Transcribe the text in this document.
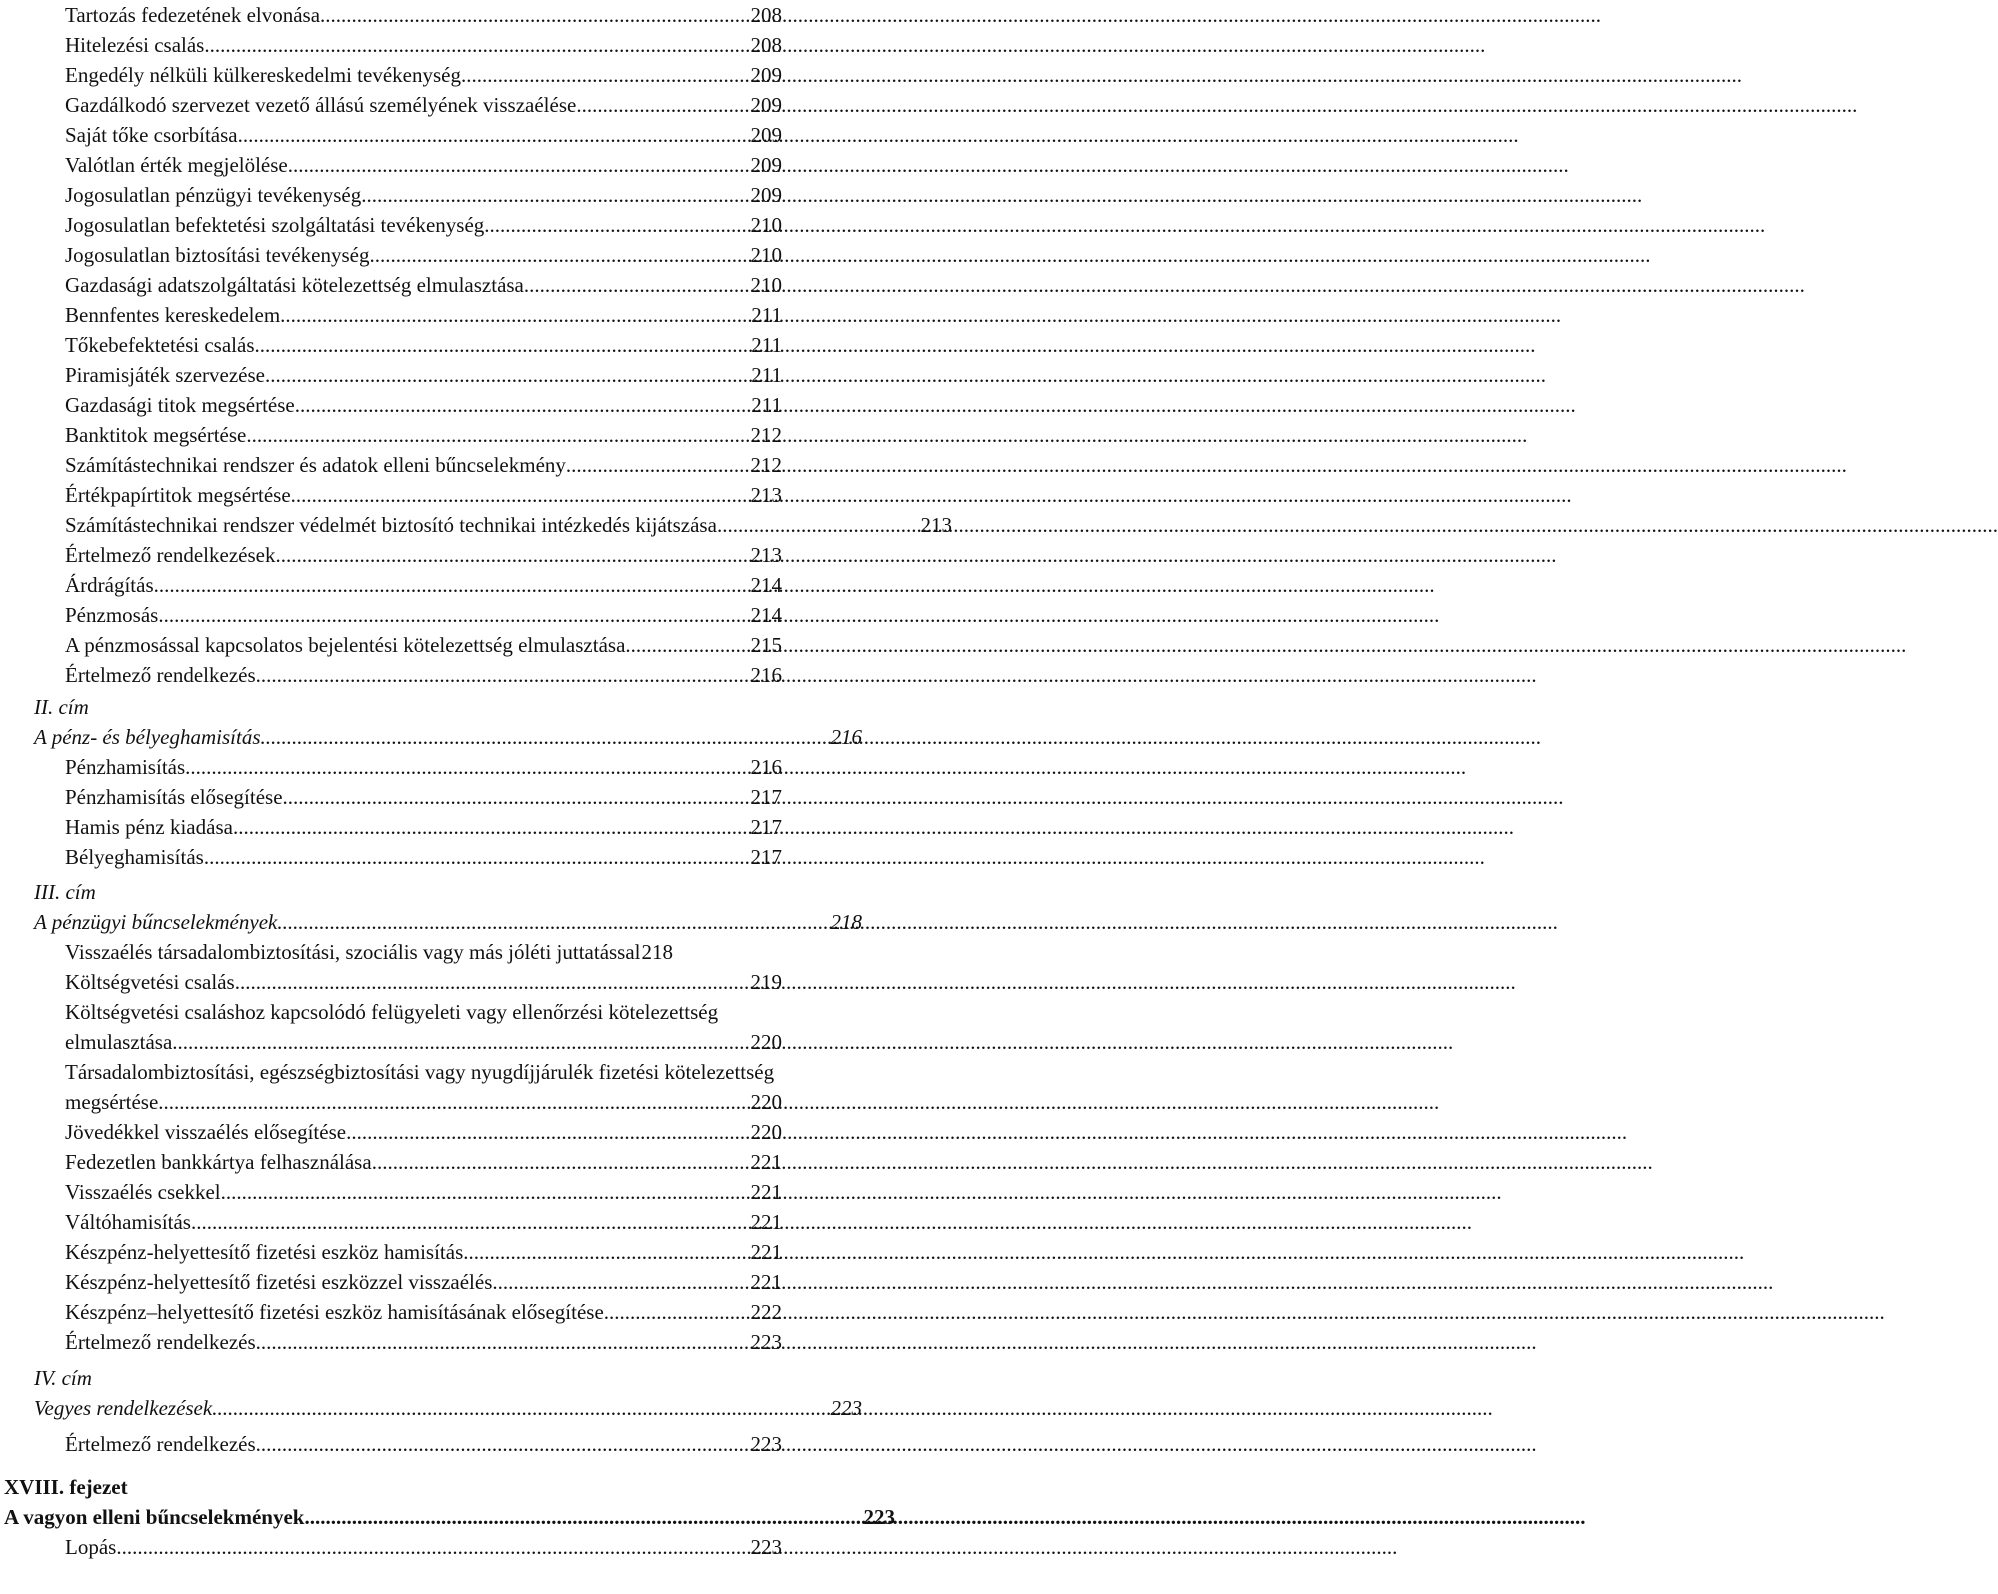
Tartozás fedezetének elvonása .....	208
Hitelezési csalás .....	208
Engedély nélküli külkereskedelmi tevékenység .....	209
Gazdálkodó szervezet vezető állású személyének visszaélése .....	209
Saját tőke csorbítása .....	209
Valótlan érték megjelölése .....	209
Jogosulatlan pénzügyi tevékenység .....	209
Jogosulatlan befektetési szolgáltatási tevékenység .....	210
Jogosulatlan biztosítási tevékenység .....	210
Gazdasági adatszolgáltatási kötelezettség elmulasztása .....	210
Bennfentes kereskedelem .....	211
Tőkebefektetési csalás .....	211
Piramisjáték szervezése .....	211
Gazdasági titok megsértése .....	211
Banktitok megsértése .....	212
Számítástechnikai rendszer és adatok elleni bűncselekmény .....	212
Értékpapírtitok megsértése .....	213
Számítástechnikai rendszer védelmét biztosító technikai intézkedés kijátszása .....	213
Értelmező rendelkezések .....	213
Árdrágítás .....	214
Pénzmosás .....	214
A pénzmosással kapcsolatos bejelentési kötelezettség elmulasztása .....	215
Értelmező rendelkezés .....	216
II. cím
A pénz- és bélyeghamisítás .....	216
Pénzhamisítás .....	216
Pénzhamisítás elősegítése .....	217
Hamis pénz kiadása .....	217
Bélyeghamisítás .....	217
III. cím
A pénzügyi bűncselekmények .....	218
Visszaélés társadalombiztosítási, szociális vagy más jóléti juttatással 218
Költségvetési csalás .....	219
Költségvetési csaláshoz kapcsolódó felügyeleti vagy ellenőrzési kötelezettség
elmulasztása .....	220
Társadalombiztosítási, egészségbiztosítási vagy nyugdíjjárulék fizetési kötelezettség
megsértése .....	220
Jövedékkel visszaélés elősegítése .....	220
Fedezetlen bankkártya felhasználása .....	221
Visszaélés csekkel .....	221
Váltóhamisítás .....	221
Készpénz-helyettesítő fizetési eszköz hamisítás .....	221
Készpénz-helyettesítő fizetési eszközzel visszaélés .....	221
Készpénz–helyettesítő fizetési eszköz hamisításának elősegítése .....	222
Értelmező rendelkezés .....	223
IV. cím
Vegyes rendelkezések .....	223
Értelmező rendelkezés .....	223
XVIII. fejezet
A vagyon elleni bűncselekmények .....	223
Lopás .....	223
